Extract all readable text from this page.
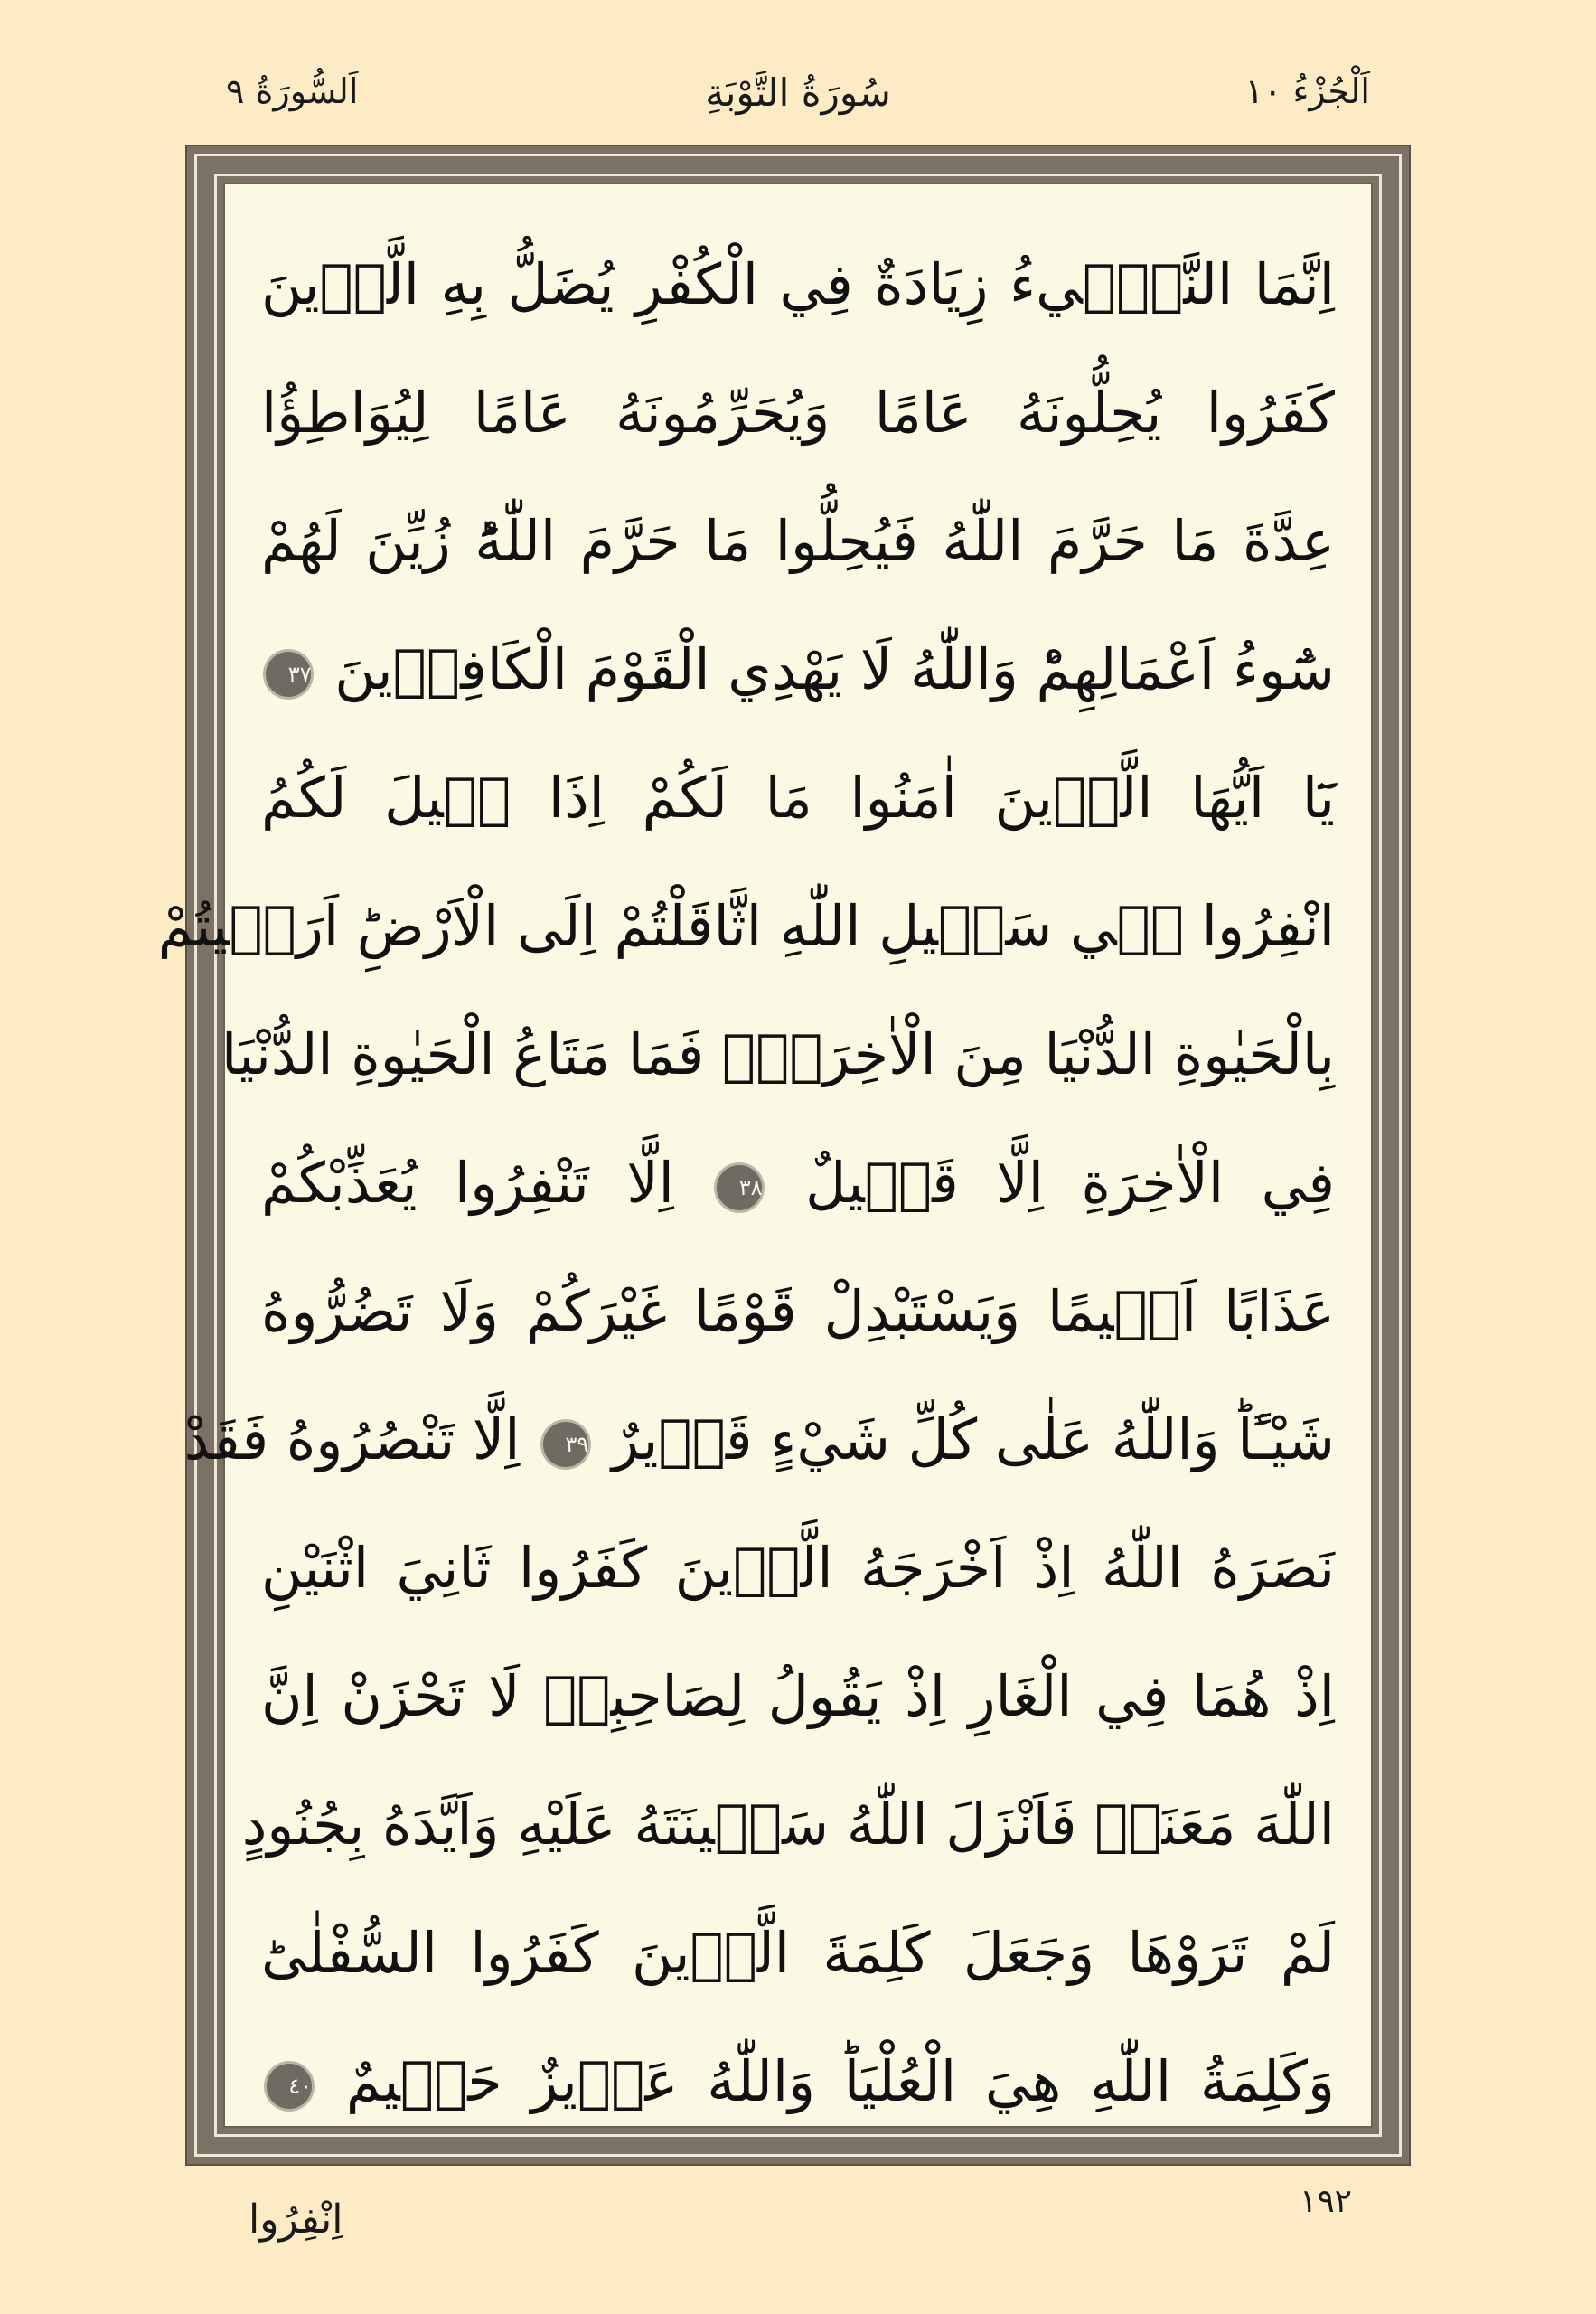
اَلْجُزْءُ ١٠
سُورَةُ التَّوْبَةِ
اَلسُّورَةُ ٩
اِنَّمَا النَّسٖٓيءُ زِيَادَةٌ فِي الْكُفْرِ يُضَلُّ بِهِ الَّذٖينَ
كَفَرُوا يُحِلُّونَهُ عَامًا وَيُحَرِّمُونَهُ عَامًا لِيُوَاطِؤُا
عِدَّةَ مَا حَرَّمَ اللّٰهُ فَيُحِلُّوا مَا حَرَّمَ اللّٰهُؕ زُيِّنَ لَهُمْ
سُٓوءُ اَعْمَالِهِمْؕ وَاللّٰهُ لَا يَهْدِي الْقَوْمَ الْكَافِرٖينَ ٣٧
يَٓا اَيُّهَا الَّذٖينَ اٰمَنُوا مَا لَكُمْ اِذَا قٖيلَ لَكُمُ
انْفِرُوا فٖي سَبٖيلِ اللّٰهِ اثَّاقَلْتُمْ اِلَى الْاَرْضِؕ اَرَضٖيتُمْ
بِالْحَيٰوةِ الدُّنْيَا مِنَ الْاٰخِرَةِۚ فَمَا مَتَاعُ الْحَيٰوةِ الدُّنْيَا
فِي الْاٰخِرَةِ اِلَّا قَلٖيلٌ ٣٨ اِلَّا تَنْفِرُوا يُعَذِّبْكُمْ
عَذَابًا اَلٖيمًا وَيَسْتَبْدِلْ قَوْمًا غَيْرَكُمْ وَلَا تَضُرُّوهُ
شَيْـًٔاؕ وَاللّٰهُ عَلٰى كُلِّ شَيْءٍ قَدٖيرٌ ٣٩ اِلَّا تَنْصُرُوهُ فَقَدْ
نَصَرَهُ اللّٰهُ اِذْ اَخْرَجَهُ الَّذٖينَ كَفَرُوا ثَانِيَ اثْنَيْنِ
اِذْ هُمَا فِي الْغَارِ اِذْ يَقُولُ لِصَاحِبِهٖ لَا تَحْزَنْ اِنَّ
اللّٰهَ مَعَنَاۚ فَاَنْزَلَ اللّٰهُ سَكٖينَتَهُ عَلَيْهِ وَاَيَّدَهُ بِجُنُودٍ
لَمْ تَرَوْهَا وَجَعَلَ كَلِمَةَ الَّذٖينَ كَفَرُوا السُّفْلٰىؕ
وَكَلِمَةُ اللّٰهِ هِيَ الْعُلْيَاؕ وَاللّٰهُ عَزٖيزٌ حَكٖيمٌ ٤٠
١٩٢
اِنْفِرُوا
